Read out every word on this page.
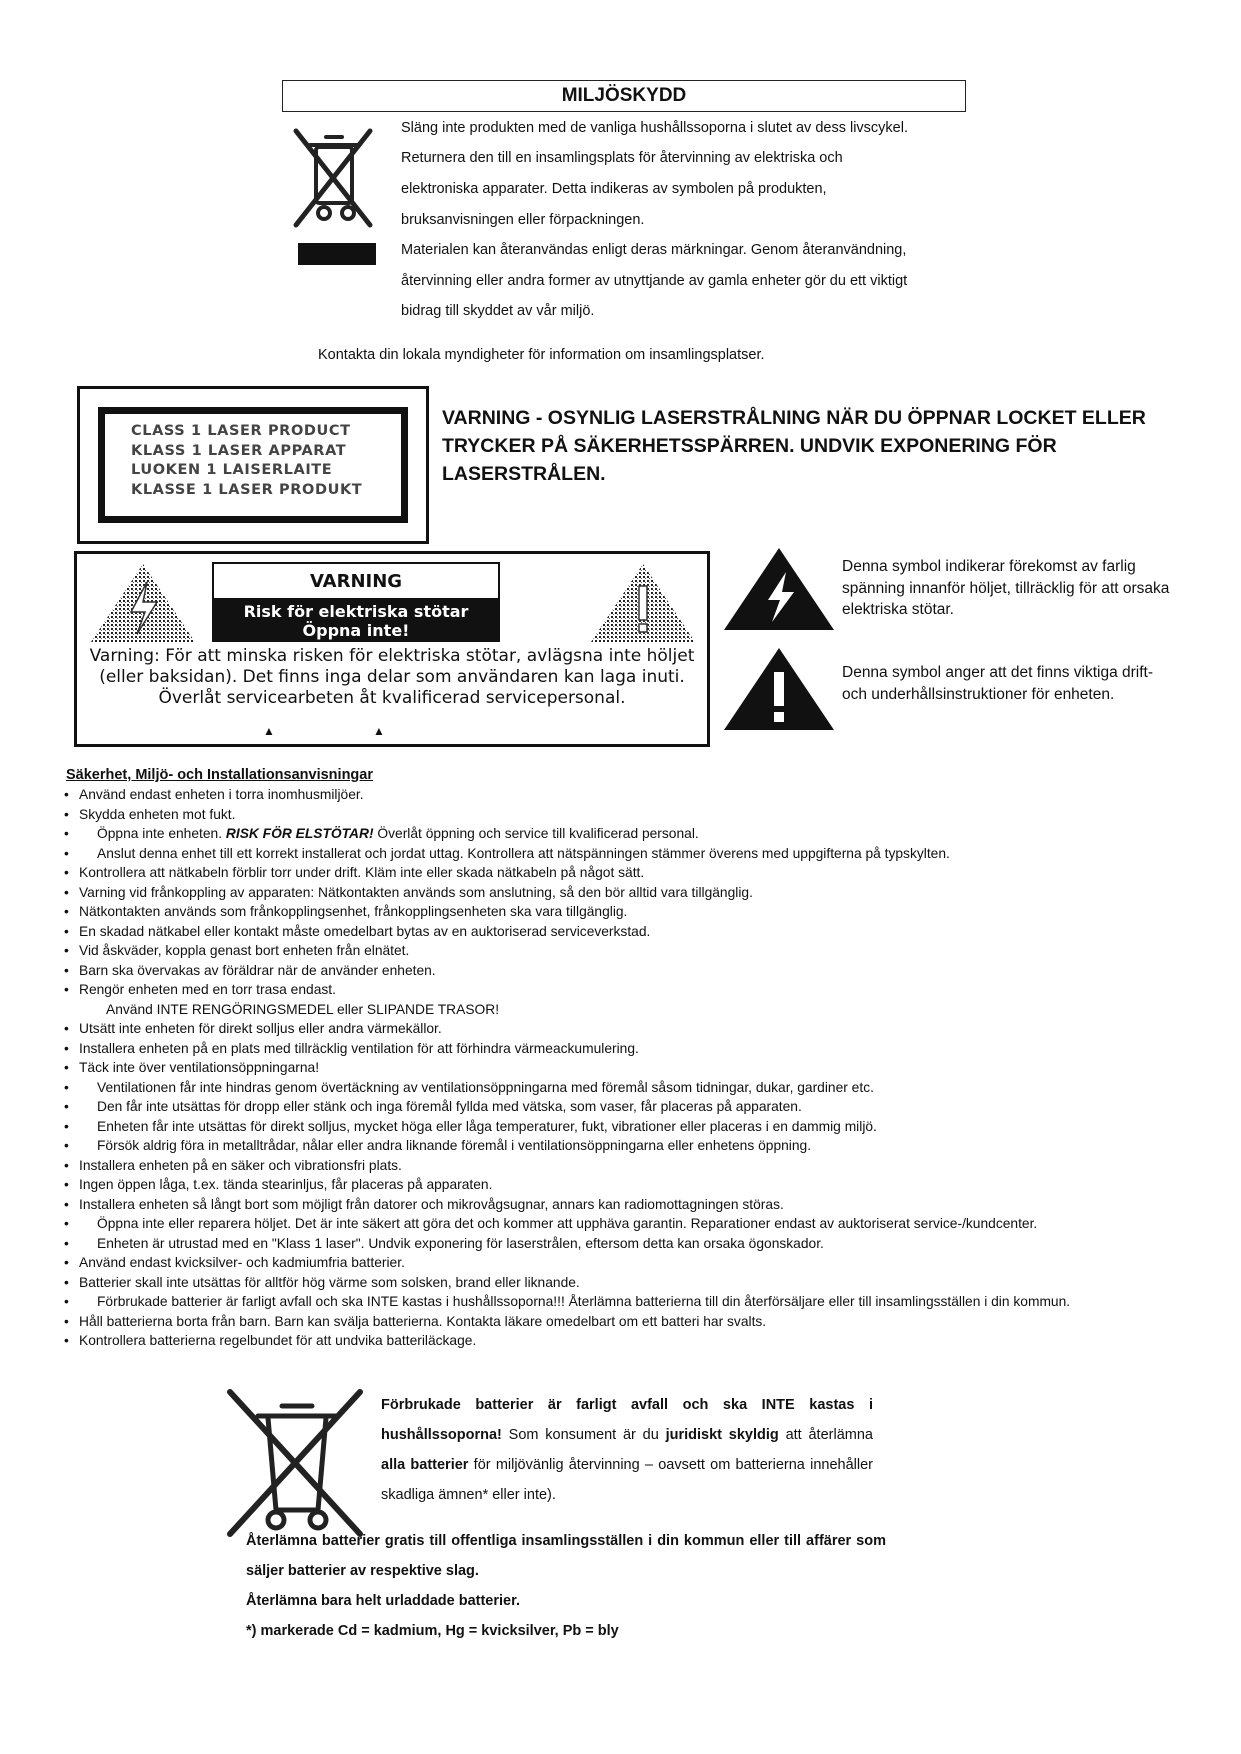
MILJÖSKYDD
Släng inte produkten med de vanliga hushållssoporna i slutet av dess livscykel.
Returnera den till en insamlingsplats för återvinning av elektriska och
elektroniska apparater. Detta indikeras av symbolen på produkten,
bruksanvisningen eller förpackningen.
Materialen kan återanvändas enligt deras märkningar. Genom återanvändning,
återvinning eller andra former av utnyttjande av gamla enheter gör du ett viktigt
bidrag till skyddet av vår miljö.
Kontakta din lokala myndigheter för information om insamlingsplatser.
CLASS 1 LASER PRODUCT
KLASS 1 LASER APPARAT
LUOKEN 1 LAISERLAITE
KLASSE 1 LASER PRODUKT
VARNING - OSYNLIG LASERSTRÅLNING NÄR DU ÖPPNAR LOCKET ELLER TRYCKER PÅ SÄKERHETSSPÄRREN. UNDVIK EXPONERING FÖR LASERSTRÅLEN.
VARNING
Risk för elektriska stötar
Öppna inte!
Varning: För att minska risken för elektriska stötar, avlägsna inte höljet (eller baksidan). Det finns inga delar som användaren kan laga inuti. Överlåt servicearbeten åt kvalificerad servicepersonal.
▲	▲
Denna symbol indikerar förekomst av farlig spänning innanför höljet, tillräcklig för att orsaka elektriska stötar.
Denna symbol anger att det finns viktiga drift- och underhållsinstruktioner för enheten.
Säkerhet, Miljö- och Installationsanvisningar
• Använd endast enheten i torra inomhusmiljöer.
• Skydda enheten mot fukt.
• Öppna inte enheten. RISK FÖR ELSTÖTAR! Överlåt öppning och service till kvalificerad personal.
• Anslut denna enhet till ett korrekt installerat och jordat uttag. Kontrollera att nätspänningen stämmer överens med uppgifterna på typskylten.
• Kontrollera att nätkabeln förblir torr under drift. Kläm inte eller skada nätkabeln på något sätt.
• Varning vid frånkoppling av apparaten: Nätkontakten används som anslutning, så den bör alltid vara tillgänglig.
• Nätkontakten används som frånkopplingsenhet, frånkopplingsenheten ska vara tillgänglig.
• En skadad nätkabel eller kontakt måste omedelbart bytas av en auktoriserad serviceverkstad.
• Vid åskväder, koppla genast bort enheten från elnätet.
• Barn ska övervakas av föräldrar när de använder enheten.
• Rengör enheten med en torr trasa endast.
Använd INTE RENGÖRINGSMEDEL eller SLIPANDE TRASOR!
• Utsätt inte enheten för direkt solljus eller andra värmekällor.
• Installera enheten på en plats med tillräcklig ventilation för att förhindra värmeackumulering.
• Täck inte över ventilationsöppningarna!
• Ventilationen får inte hindras genom övertäckning av ventilationsöppningarna med föremål såsom tidningar, dukar, gardiner etc.
• Den får inte utsättas för dropp eller stänk och inga föremål fyllda med vätska, som vaser, får placeras på apparaten.
• Enheten får inte utsättas för direkt solljus, mycket höga eller låga temperaturer, fukt, vibrationer eller placeras i en dammig miljö.
• Försök aldrig föra in metalltrådar, nålar eller andra liknande föremål i ventilationsöppningarna eller enhetens öppning.
• Installera enheten på en säker och vibrationsfri plats.
• Ingen öppen låga, t.ex. tända stearinljus, får placeras på apparaten.
• Installera enheten så långt bort som möjligt från datorer och mikrovågsugnar, annars kan radiomottagningen störas.
• Öppna inte eller reparera höljet. Det är inte säkert att göra det och kommer att upphäva garantin. Reparationer endast av auktoriserat service-/kundcenter.
• Enheten är utrustad med en "Klass 1 laser". Undvik exponering för laserstrålen, eftersom detta kan orsaka ögonskador.
• Använd endast kvicksilver- och kadmiumfria batterier.
• Batterier skall inte utsättas för alltför hög värme som solsken, brand eller liknande.
• Förbrukade batterier är farligt avfall och ska INTE kastas i hushållssoporna!!! Återlämna batterierna till din återförsäljare eller till insamlingsställen i din kommun.
• Håll batterierna borta från barn. Barn kan svälja batterierna. Kontakta läkare omedelbart om ett batteri har svalts.
• Kontrollera batterierna regelbundet för att undvika batteriläckage.
Förbrukade batterier är farligt avfall och ska INTE kastas i hushållssoporna! Som konsument är du juridiskt skyldig att återlämna alla batterier för miljövänlig återvinning – oavsett om batterierna innehåller skadliga ämnen* eller inte).
Återlämna batterier gratis till offentliga insamlingsställen i din kommun eller till affärer som säljer batterier av respektive slag.
Återlämna bara helt urladdade batterier.
*) markerade Cd = kadmium, Hg = kvicksilver, Pb = bly
